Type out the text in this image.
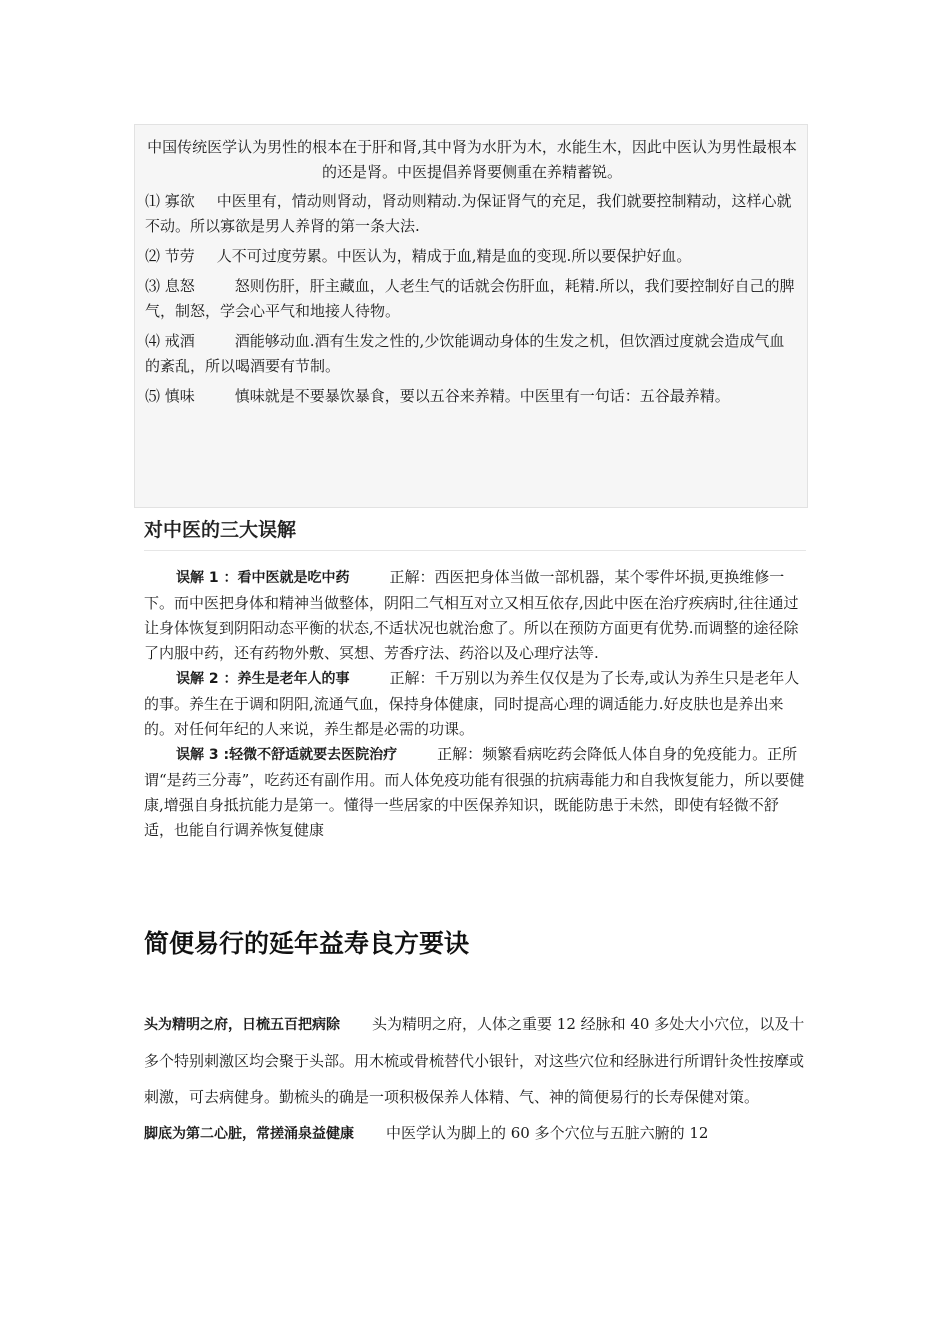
中国传统医学认为男性的根本在于肝和肾,其中肾为水肝为木，水能生木，因此中医认为男性最根本的还是肾。中医提倡养肾要侧重在养精蓄锐。

⑴ 寡欲 中医里有，情动则肾动，肾动则精动.为保证肾气的充足，我们就要控制精动，这样心就不动。所以寡欲是男人养肾的第一条大法.

⑵ 节劳 人不可过度劳累。中医认为，精成于血,精是血的变现.所以要保护好血。

⑶ 息怒	怒则伤肝，肝主藏血，人老生气的话就会伤肝血，耗精.所以，我们要控制好自己的脾气，制怒，学会心平气和地接人待物。

⑷ 戒酒	酒能够动血.酒有生发之性的,少饮能调动身体的生发之机，但饮酒过度就会造成气血的紊乱，所以喝酒要有节制。

⑸ 慎味	慎味就是不要暴饮暴食，要以五谷来养精。中医里有一句话：五谷最养精。

对中医的三大误解

误解 1 ：看中医就是吃中药	正解：西医把身体当做一部机器，某个零件坏损,更换维修一下。而中医把身体和精神当做整体，阴阳二气相互对立又相互依存,因此中医在治疗疾病时,往往通过让身体恢复到阴阳动态平衡的状态,不适状况也就治愈了。所以在预防方面更有优势.而调整的途径除了内服中药，还有药物外敷、冥想、芳香疗法、药浴以及心理疗法等.

误解 2 ：养生是老年人的事	正解：千万别以为养生仅仅是为了长寿,或认为养生只是老年人的事。养生在于调和阴阳,流通气血，保持身体健康，同时提高心理的调适能力.好皮肤也是养出来的。对任何年纪的人来说，养生都是必需的功课。

误解 3 :轻微不舒适就要去医院治疗	正解：频繁看病吃药会降低人体自身的免疫能力。正所谓“是药三分毒”，吃药还有副作用。而人体免疫功能有很强的抗病毒能力和自我恢复能力，所以要健康,增强自身抵抗能力是第一。懂得一些居家的中医保养知识，既能防患于未然，即使有轻微不舒适，也能自行调养恢复健康

简便易行的延年益寿良方要诀

头为精明之府，日梳五百把病除 头为精明之府，人体之重要 12 经脉和 40 多处大小穴位，以及十多个特别刺激区均会聚于头部。用木梳或骨梳替代小银针，对这些穴位和经脉进行所谓针灸性按摩或刺激，可去病健身。勤梳头的确是一项积极保养人体精、气、神的简便易行的长寿保健对策。

脚底为第二心脏，常搓涌泉益健康 中医学认为脚上的 60 多个穴位与五脏六腑的 12
